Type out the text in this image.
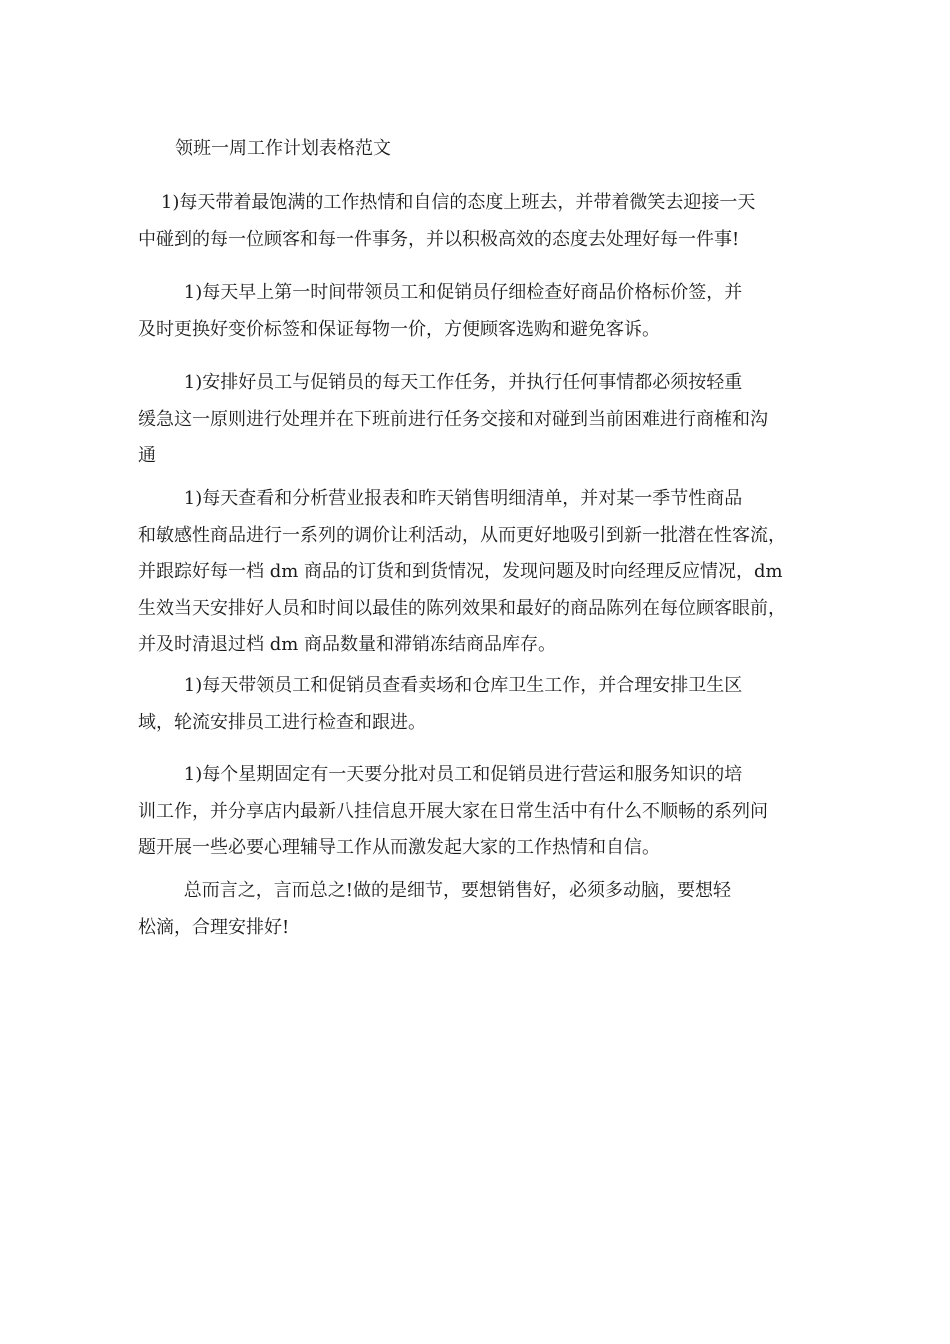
领班一周工作计划表格范文

1)每天带着最饱满的工作热情和自信的态度上班去，并带着微笑去迎接一天
中碰到的每一位顾客和每一件事务，并以积极高效的态度去处理好每一件事!

1)每天早上第一时间带领员工和促销员仔细检查好商品价格标价签，并
及时更换好变价标签和保证每物一价，方便顾客选购和避免客诉。

1)安排好员工与促销员的每天工作任务，并执行任何事情都必须按轻重
缓急这一原则进行处理并在下班前进行任务交接和对碰到当前困难进行商榷和沟
通

1)每天查看和分析营业报表和昨天销售明细清单，并对某一季节性商品
和敏感性商品进行一系列的调价让利活动，从而更好地吸引到新一批潜在性客流，
并跟踪好每一档 dm 商品的订货和到货情况，发现问题及时向经理反应情况，dm
生效当天安排好人员和时间以最佳的陈列效果和最好的商品陈列在每位顾客眼前，
并及时清退过档 dm 商品数量和滞销冻结商品库存。

1)每天带领员工和促销员查看卖场和仓库卫生工作，并合理安排卫生区
域，轮流安排员工进行检查和跟进。

1)每个星期固定有一天要分批对员工和促销员进行营运和服务知识的培
训工作，并分享店内最新八挂信息开展大家在日常生活中有什么不顺畅的系列问
题开展一些必要心理辅导工作从而激发起大家的工作热情和自信。

总而言之，言而总之!做的是细节，要想销售好，必须多动脑，要想轻
松滴，合理安排好!
